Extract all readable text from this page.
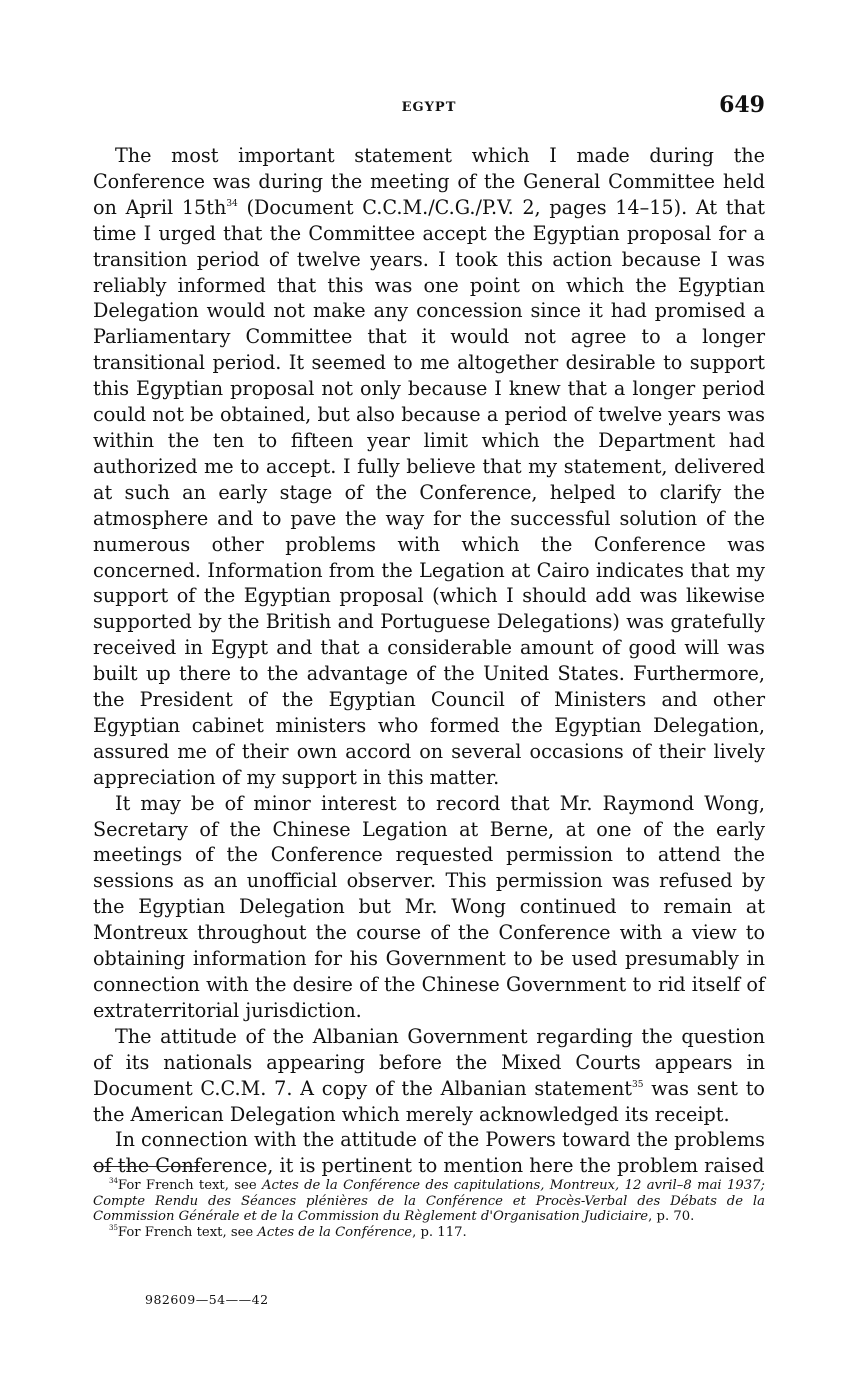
EGYPT	649

The most important statement which I made during the Conference was during the meeting of the General Committee held on April $15th^{34}$ (Document C.C.M./C.G./P.V. 2, pages 14–15). At that time I urged that the Committee accept the Egyptian proposal for a transition period of twelve years. I took this action because I was reliably informed that this was one point on which the Egyptian Delegation would not make any concession since it had promised a Parliamentary Committee that it would not agree to a longer transitional period. It seemed to me altogether desirable to support this Egyptian proposal not only because I knew that a longer period could not be obtained, but also because a period of twelve years was within the ten to fifteen year limit which the Department had authorized me to accept. I fully believe that my statement, delivered at such an early stage of the Conference, helped to clarify the atmosphere and to pave the way for the successful solution of the numerous other problems with which the Conference was concerned. Information from the Legation at Cairo indicates that my support of the Egyptian proposal (which I should add was likewise supported by the British and Portuguese Delegations) was gratefully received in Egypt and that a considerable amount of good will was built up there to the advantage of the United States. Furthermore, the President of the Egyptian Council of Ministers and other Egyptian cabinet ministers who formed the Egyptian Delegation, assured me of their own accord on several occasions of their lively appreciation of my support in this matter.

It may be of minor interest to record that Mr. Raymond Wong, Secretary of the Chinese Legation at Berne, at one of the early meetings of the Conference requested permission to attend the sessions as an unofficial observer. This permission was refused by the Egyptian Delegation but Mr. Wong continued to remain at Montreux throughout the course of the Conference with a view to obtaining information for his Government to be used presumably in connection with the desire of the Chinese Government to rid itself of extraterritorial jurisdiction.

The attitude of the Albanian Government regarding the question of its nationals appearing before the Mixed Courts appears in Document C.C.M. 7. A copy of the Albanian statement$^{35}$ was sent to the American Delegation which merely acknowledged its receipt.

In connection with the attitude of the Powers toward the problems of the Conference, it is pertinent to mention here the problem raised

$^{34}$For French text, see Actes de la Conférence des capitulations, Montreux, 12 avril–8 mai 1937; Compte Rendu des Séances plénières de la Conférence et Procès-Verbal des Débats de la Commission Générale et de la Commission du Règlement d'Organisation Judiciaire, p. 70.

$^{35}$For French text, see Actes de la Conférence, p. 117.

982609—54——42
